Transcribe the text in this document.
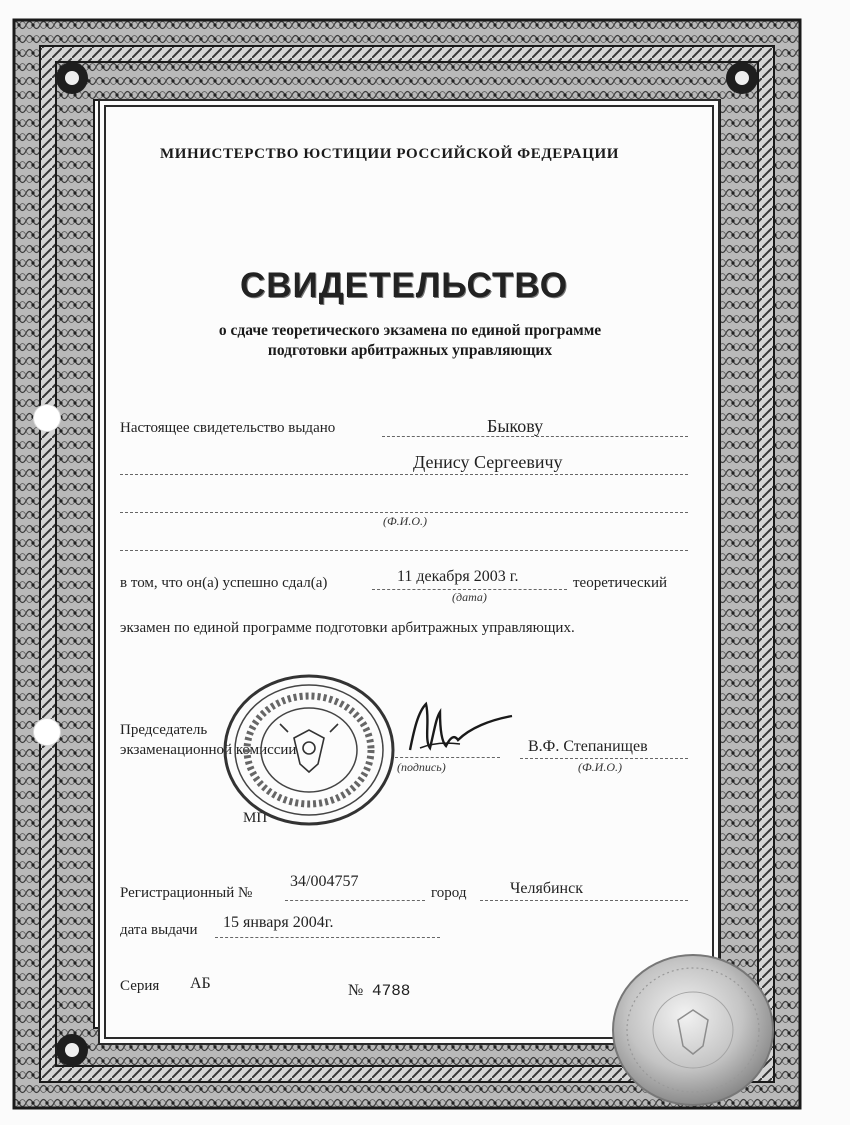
МИНИСТЕРСТВО ЮСТИЦИИ РОССИЙСКОЙ ФЕДЕРАЦИИ
СВИДЕТЕЛЬСТВО
о сдаче теоретического экзамена по единой программе
подготовки арбитражных управляющих
Настоящее свидетельство выдано	Быкову
Денису Сергеевичу
(Ф.И.О.)
в том, что он(а) успешно сдал(а)	11 декабря 2003 г.
(дата)
теоретический
экзамен по единой программе подготовки арбитражных управляющих.
Председатель
экзаменационной комиссии
(подпись)
В.Ф. Степанищев
(Ф.И.О.)
МП
Регистрационный №
34/004757
город	Челябинск
дата выдачи 15 января 2004г.
Серия АБ	№ 4788
